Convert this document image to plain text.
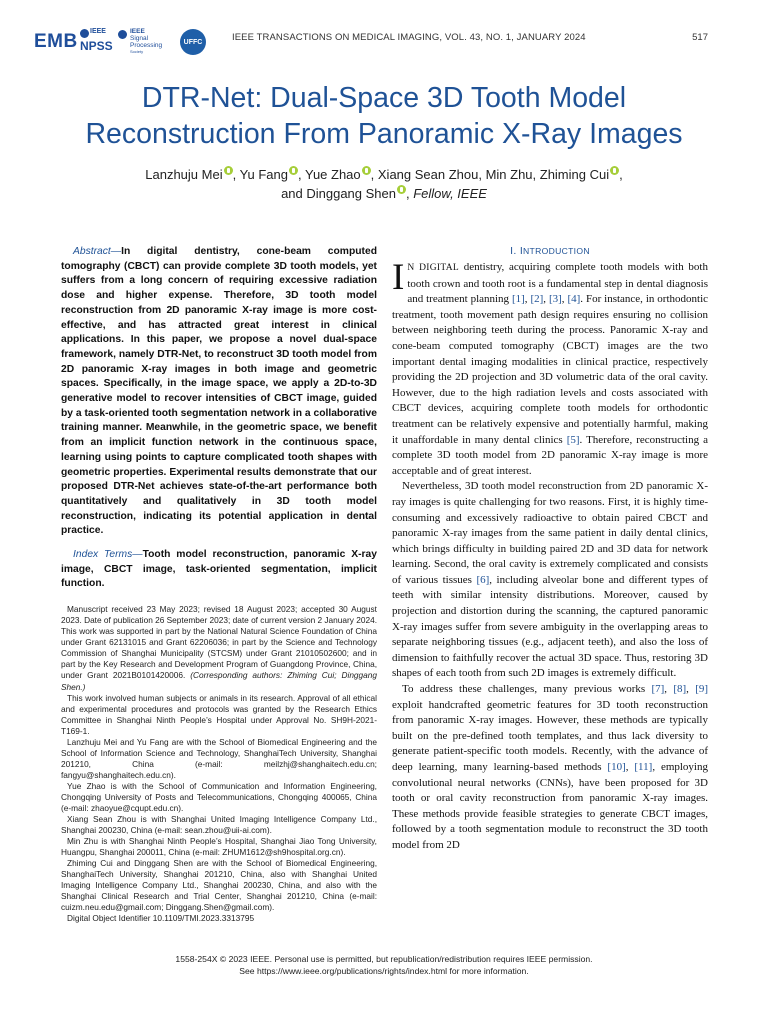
EMB IEEE
NPSS
IEEE
Signal
Processing
Society
UFFC	IEEE TRANSACTIONS ON MEDICAL IMAGING, VOL. 43, NO. 1, JANUARY 2024	517
DTR-Net: Dual-Space 3D Tooth Model
Reconstruction From Panoramic X-Ray Images
Lanzhuju Mei , Yu Fang , Yue Zhao , Xiang Sean Zhou, Min Zhu, Zhiming Cui ,
and Dinggang Shen , Fellow, IEEE

Abstract—In digital dentistry, cone-beam computed tomography (CBCT) can provide complete 3D tooth models, yet suffers from a long concern of requiring excessive radiation dose and higher expense. Therefore, 3D tooth model reconstruction from 2D panoramic X-ray image is more cost-effective, and has attracted great interest in clinical applications. In this paper, we propose a novel dual-space framework, namely DTR-Net, to reconstruct 3D tooth model from 2D panoramic X-ray images in both image and geometric spaces. Specifically, in the image space, we apply a 2D-to-3D generative model to recover intensities of CBCT image, guided by a task-oriented tooth segmentation network in a collaborative training manner. Meanwhile, in the geometric space, we benefit from an implicit function network in the continuous space, learning using points to capture complicated tooth shapes with geometric properties. Experimental results demonstrate that our proposed DTR-Net achieves state-of-the-art performance both quantitatively and qualitatively in 3D tooth model reconstruction, indicating its potential application in dental practice.

Index Terms—Tooth model reconstruction, panoramic X-ray image, CBCT image, task-oriented segmentation, implicit function.

Manuscript received 23 May 2023; revised 18 August 2023; accepted 30 August 2023. Date of publication 26 September 2023; date of current version 2 January 2024. This work was supported in part by the National Natural Science Foundation of China under Grant 62131015 and Grant 62206036; in part by the Science and Technology Commission of Shanghai Municipality (STCSM) under Grant 21010502600; and in part by the Key Research and Development Program of Guangdong Province, China, under Grant 2021B0101420006. (Corresponding authors: Zhiming Cui; Dinggang Shen.)

This work involved human subjects or animals in its research. Approval of all ethical and experimental procedures and protocols was granted by the Research Ethics Committee in Shanghai Ninth People’s Hospital under Approval No. SH9H-2021-T169-1.

Lanzhuju Mei and Yu Fang are with the School of Biomedical Engineering and the School of Information Science and Technology, ShanghaiTech University, Shanghai 201210, China (e-mail: meilzhj@shanghaitech.edu.cn; fangyu@shanghaitech.edu.cn).

Yue Zhao is with the School of Communication and Information Engineering, Chongqing University of Posts and Telecommunications, Chongqing 400065, China (e-mail: zhaoyue@cqupt.edu.cn).

Xiang Sean Zhou is with Shanghai United Imaging Intelligence Company Ltd., Shanghai 200230, China (e-mail: sean.zhou@uii-ai.com).

Min Zhu is with Shanghai Ninth People’s Hospital, Shanghai Jiao Tong University, Huangpu, Shanghai 200011, China (e-mail: ZHUM1612@sh9hospital.org.cn).

Zhiming Cui and Dinggang Shen are with the School of Biomedical Engineering, ShanghaiTech University, Shanghai 201210, China, also with Shanghai United Imaging Intelligence Company Ltd., Shanghai 200230, China, and also with the Shanghai Clinical Research and Trial Center, Shanghai 201210, China (e-mail: cuizm.neu.edu@gmail.com; Dinggang.Shen@gmail.com).

Digital Object Identifier 10.1109/TMI.2023.3313795

I. INTRODUCTION

I N DIGITAL dentistry, acquiring complete tooth models with both tooth crown and tooth root is a fundamental step in dental diagnosis and treatment planning [1], [2], [3], [4]. For instance, in orthodontic treatment, tooth movement path design requires ensuring no collision between neighboring teeth during the process. Panoramic X-ray and cone-beam computed tomography (CBCT) images are the two important dental imaging modalities in clinical practice, respectively providing the 2D projection and 3D volumetric data of the oral cavity. However, due to the high radiation levels and costs associated with CBCT devices, acquiring complete tooth models for orthodontic treatment can be relatively expensive and potentially harmful, making it unaffordable in many dental clinics [5]. Therefore, reconstructing a complete 3D tooth model from 2D panoramic X-ray image is more acceptable and of great interest.

Nevertheless, 3D tooth model reconstruction from 2D panoramic X-ray images is quite challenging for two reasons. First, it is highly time-consuming and excessively radioactive to obtain paired CBCT and panoramic X-ray images from the same patient in daily dental clinics, which brings difficulty in building paired 2D and 3D data for network learning. Second, the oral cavity is extremely complicated and consists of various tissues [6], including alveolar bone and different types of teeth with similar intensity distributions. Moreover, caused by projection and distortion during the scanning, the captured panoramic X-ray images suffer from severe ambiguity in the overlapping areas to separate neighboring tissues (e.g., adjacent teeth), and also the loss of dimension to faithfully recover the actual 3D space. Thus, restoring 3D shapes of each tooth from such 2D images is extremely difficult.

To address these challenges, many previous works [7], [8], [9] exploit handcrafted geometric features for 3D tooth reconstruction from panoramic X-ray images. However, these methods are typically built on the pre-defined tooth templates, and thus lack diversity to generate patient-specific tooth models. Recently, with the advance of deep learning, many learning-based methods [10], [11], employing convolutional neural networks (CNNs), have been proposed for 3D tooth or oral cavity reconstruction from panoramic X-ray images. These methods provide feasible strategies to generate CBCT images, followed by a tooth segmentation module to reconstruct the 3D tooth model from 2D

1558-254X © 2023 IEEE. Personal use is permitted, but republication/redistribution requires IEEE permission.
See https://www.ieee.org/publications/rights/index.html for more information.
